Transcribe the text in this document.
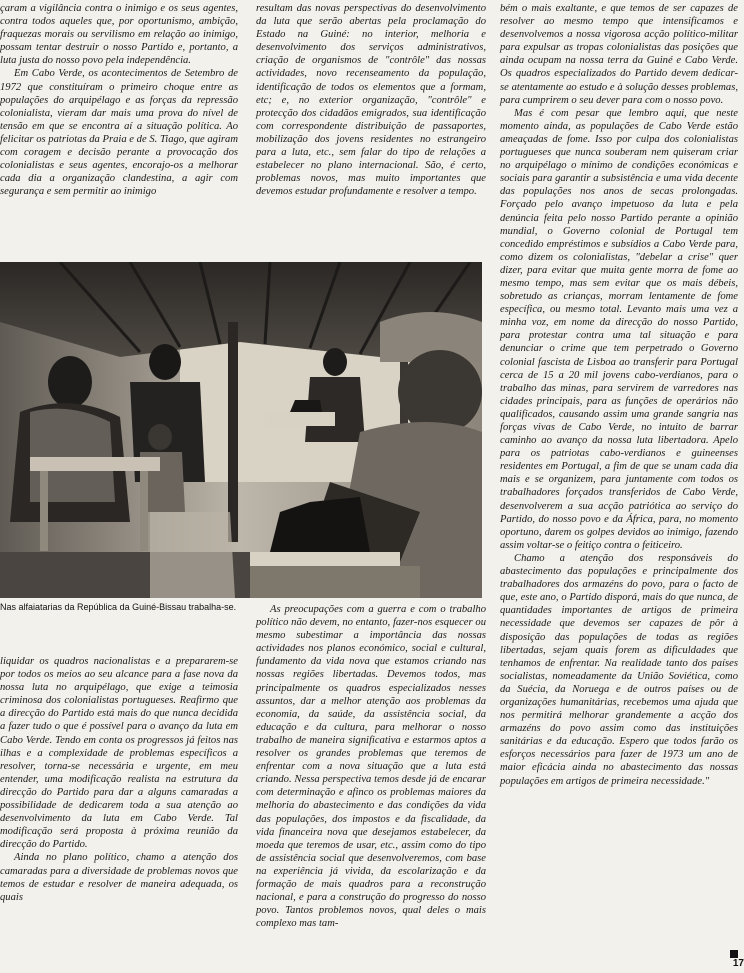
çaram a vigilância contra o inimigo e os seus agentes, contra todos aqueles que, por oportunismo, ambição, fraquezas morais ou servilismo em relação ao inimigo, possam tentar destruir o nosso Partido e, portanto, a luta justa do nosso povo pela independência.

Em Cabo Verde, os acontecimentos de Setembro de 1972 que constituíram o primeiro choque entre as populações do arquipélago e as forças da repressão colonialista, vieram dar mais uma prova do nível de tensão em que se encontra aí a situação política. Ao felicitar os patriotas da Praia e de S. Tiago, que agiram com coragem e decisão perante a provocação dos colonialistas e seus agentes, encorajo-os a melhorar cada dia a organização clandestina, a agir com segurança e sem permitir ao inimigo

resultam das novas perspectivas do desenvolvimento da luta que serão abertas pela proclamação do Estado na Guiné: no interior, melhoria e desenvolvimento dos serviços administrativos, criação de organismos de "contrôle" das nossas actividades, novo recenseamento da população, identificação de todos os elementos que a formam, etc; e, no exterior organização, "contrôle" e protecção dos cidadãos emigrados, sua identificação com correspondente distribuição de passaportes, mobilização dos jovens residentes no estrangeiro para a luta, etc., sem falar do tipo de relações a estabelecer no plano internacional. São, é certo, problemas novos, mas muito importantes que devemos estudar profundamente e resolver a tempo.

Nas alfaiatarias da República da Guiné-Bissau trabalha-se.

liquidar os quadros nacionalistas e a prepararem-se por todos os meios ao seu alcance para a fase nova da nossa luta no arquipélago, que exige a teimosia criminosa dos colonialistas portugueses. Reafirmo que a direcção do Partido está mais do que nunca decidida a fazer tudo o que é possível para o avanço da luta em Cabo Verde. Tendo em conta os progressos já feitos nas ilhas e a complexidade de problemas específicos a resolver, torna-se necessária e urgente, em meu entender, uma modificação realista na estrutura da direcção do Partido para dar a alguns camaradas a possibilidade de dedicarem toda a sua atenção ao desenvolvimento da luta em Cabo Verde. Tal modificação será proposta à próxima reunião da direcção do Partido.

Ainda no plano político, chamo a atenção dos camaradas para a diversidade de problemas novos que temos de estudar e resolver de maneira adequada, os quais

As preocupações com a guerra e com o trabalho político não devem, no entanto, fazer-nos esquecer ou mesmo subestimar a importância das nossas actividades nos planos económico, social e cultural, fundamento da vida nova que estamos criando nas nossas regiões libertadas. Devemos todos, mas principalmente os quadros especializados nesses assuntos, dar a melhor atenção aos problemas da economia, da saúde, da assistência social, da educação e da cultura, para melhorar o nosso trabalho de maneira significativa e estarmos aptos a resolver os grandes problemas que teremos de enfrentar com a nova situação que a luta está criando. Nessa perspectiva temos desde já de encarar com determinação e afinco os problemas maiores da melhoria do abastecimento e das condições da vida das populações, dos impostos e da fiscalidade, da vida financeira nova que desejamos estabelecer, da moeda que teremos de usar, etc., assim como do tipo de assistência social que desenvolveremos, com base na experiência já vivida, da escolarização e da formação de mais quadros para a reconstrução nacional, e para a construção do progresso do nosso povo. Tantos problemos novos, qual deles o mais complexo mas tam-

bém o mais exaltante, e que temos de ser capazes de resolver ao mesmo tempo que intensificamos e desenvolvemos a nossa vigorosa acção político-militar para expulsar as tropas colonialistas das posições que ainda ocupam na nossa terra da Guiné e Cabo Verde. Os quadros especializados do Partido devem dedicar-se atentamente ao estudo e à solução desses problemas, para cumprirem o seu dever para com o nosso povo.

Mas é com pesar que lembro aqui, que neste momento ainda, as populações de Cabo Verde estão ameaçadas de fome. Isso por culpa dos colonialistas portugueses que nunca souberam nem quiseram criar no arquipélago o mínimo de condições económicas e sociais para garantir a subsistência e uma vida decente das populações nos anos de secas prolongadas. Forçado pelo avanço impetuoso da luta e pela denúncia feita pelo nosso Partido perante a opinião mundial, o Governo colonial de Portugal tem concedido empréstimos e subsídios a Cabo Verde para, como dizem os colonialistas, "debelar a crise" quer dizer, para evitar que muita gente morra de fome ao mesmo tempo, mas sem evitar que os mais débeis, sobretudo as crianças, morram lentamente de fome específica, ou mesmo total. Levanto mais uma vez a minha voz, em nome da direcção do nosso Partido, para protestar contra uma tal situação e para denunciar o crime que tem perpetrado o Governo colonial fascista de Lisboa ao transferir para Portugal cerca de 15 a 20 mil jovens cabo-verdianos, para o trabalho das minas, para servirem de varredores nas cidades principais, para as funções de operários não qualificados, causando assim uma grande sangria nas forças vivas de Cabo Verde, no intuito de barrar caminho ao avanço da nossa luta libertadora. Apelo para os patriotas cabo-verdianos e guineenses residentes em Portugal, a fim de que se unam cada dia mais e se organizem, para juntamente com todos os trabalhadores forçados transferidos de Cabo Verde, desenvolverem a sua acção patriótica ao serviço do Partido, do nosso povo e da África, para, no momento oportuno, darem os golpes devidos ao inimigo, fazendo assim voltar-se o feitiço contra o feiticeiro.

Chamo a atenção dos responsáveis do abastecimento das populações e principalmente dos trabalhadores dos armazéns do povo, para o facto de que, este ano, o Partido disporá, mais do que nunca, de quantidades importantes de artigos de primeira necessidade que devemos ser capazes de pôr à disposição das populações de todas as regiões libertadas, sejam quais forem as dificuldades que tenhamos de enfrentar. Na realidade tanto dos países socialistas, nomeadamente da União Soviética, como da Suécia, da Noruega e de outros países ou de organizações humanitárias, recebemos uma ajuda que nos permitirá melhorar grandemente a acção dos armazéns do povo assim como das instituições sanitárias e da educação. Espero que todos farão os esforços necessários para fazer de 1973 um ano de maior eficácia ainda no abastecimento das nossas populações em artigos de primeira necessidade."

17
